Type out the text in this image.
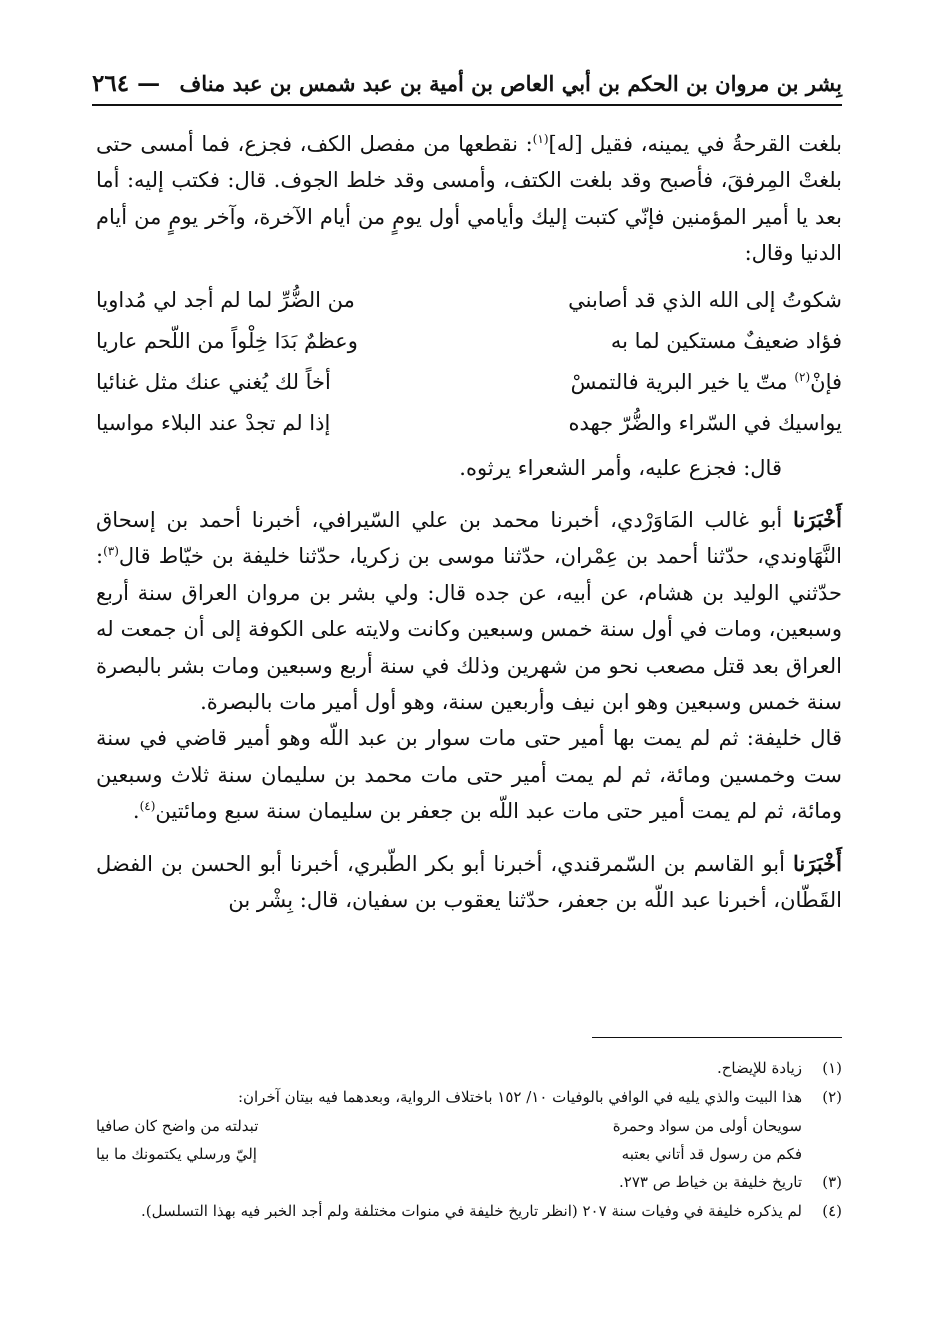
بِشر بن مروان بن الحكم بن أبي العاص بن أمية بن عبد شمس بن عبد مناف
٢٦٤ —

بلغت القرحةُ في يمينه، فقيل [له]$^{(١)}$: نقطعها من مفصل الكف، فجزع، فما أمسى حتى بلغتْ المِرفقَ، فأصبح وقد بلغت الكتف، وأمسى وقد خلط الجوف. قال: فكتب إليه: أما بعد يا أمير المؤمنين فإنّي كتبت إليك وأيامي أول يومٍ من أيام الآخرة، وآخر يومٍ من أيام الدنيا وقال:

شكوتُ إلى الله الذي قد أصابني
من الضُّرِّ لما لم أجد لي مُداويا
فؤاد ضعيفٌ مستكين لما به
وعظمٌ بَدَا خِلْواً من اللّحم عاريا
فإنْ$^{(٢)}$ متّ يا خير البرية فالتمسْ
أخاً لك يُغني عنك مثل غنائيا
يواسيك في السّراء والضُّرّ جهده
إذا لم تجدْ عند البلاء مواسيا

قال: فجزع عليه، وأمر الشعراء يرثوه.

أَخْبَرَنا أبو غالب المَاوَرْدي، أخبرنا محمد بن علي السّيرافي، أخبرنا أحمد بن إسحاق النَّهَاوندي، حدّثنا أحمد بن عِمْران، حدّثنا موسى بن زكريا، حدّثنا خليفة بن خيّاط قال$^{(٣)}$: حدّثني الوليد بن هشام، عن أبيه، عن جده قال: ولي بشر بن مروان العراق سنة أربع وسبعين، ومات في أول سنة خمس وسبعين وكانت ولايته على الكوفة إلى أن جمعت له العراق بعد قتل مصعب نحو من شهرين وذلك في سنة أربع وسبعين ومات بشر بالبصرة سنة خمس وسبعين وهو ابن نيف وأربعين سنة، وهو أول أمير مات بالبصرة.

قال خليفة: ثم لم يمت بها أمير حتى مات سوار بن عبد اللّه وهو أمير قاضي في سنة ست وخمسين ومائة، ثم لم يمت أمير حتى مات محمد بن سليمان سنة ثلاث وسبعين ومائة، ثم لم يمت أمير حتى مات عبد اللّه بن جعفر بن سليمان سنة سبع ومائتين$^{(٤)}$.

أَخْبَرَنا أبو القاسم بن السّمرقندي، أخبرنا أبو بكر الطّبري، أخبرنا أبو الحسن بن الفضل القَطّان، أخبرنا عبد اللّه بن جعفر، حدّثنا يعقوب بن سفيان، قال: بِشْر بن

(١)
زيادة للإيضاح.
(٢)
هذا البيت والذي يليه في الوافي بالوفيات ١٠/ ١٥٢ باختلاف الرواية، وبعدهما فيه بيتان آخران:
سويحان أولى من سواد وحمرة
تبدلته من واضح كان صافيا
فكم من رسول قد أتاني بعتبه
إليّ ورسلي يكتمونك ما بيا
(٣)
تاريخ خليفة بن خياط ص ٢٧٣.
(٤)
لم يذكره خليفة في وفيات سنة ٢٠٧ (انظر تاريخ خليفة في منوات مختلفة ولم أجد الخبر فيه بهذا التسلسل).
